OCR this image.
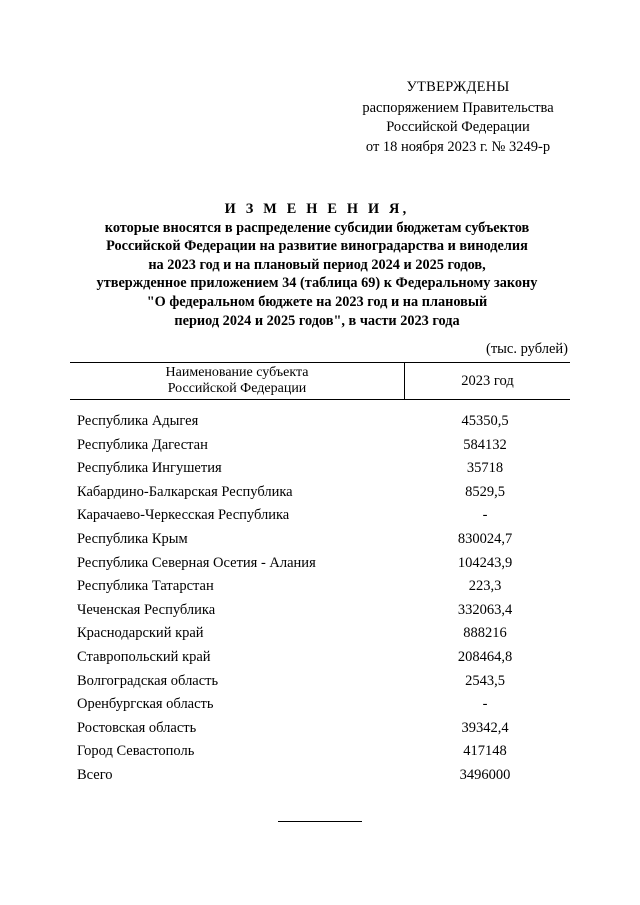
УТВЕРЖДЕНЫ
распоряжением Правительства
Российской Федерации
от 18 ноября 2023 г. № 3249-р
И З М Е Н Е Н И Я,
которые вносятся в распределение субсидии бюджетам субъектов
Российской Федерации на развитие виноградарства и виноделия
на 2023 год и на плановый период 2024 и 2025 годов,
утвержденное приложением 34 (таблица 69) к Федеральному закону
"О федеральном бюджете на 2023 год и на плановый
период 2024 и 2025 годов", в части 2023 года
(тыс. рублей)
Наименование субъекта
Российской Федерации	2023 год
Республика Адыгея	45350,5
Республика Дагестан	584132
Республика Ингушетия	35718
Кабардино-Балкарская Республика	8529,5
Карачаево-Черкесская Республика	-
Республика Крым	830024,7
Республика Северная Осетия - Алания	104243,9
Республика Татарстан	223,3
Чеченская Республика	332063,4
Краснодарский край	888216
Ставропольский край	208464,8
Волгоградская область	2543,5
Оренбургская область	-
Ростовская область	39342,4
Город Севастополь	417148
Всего	3496000
